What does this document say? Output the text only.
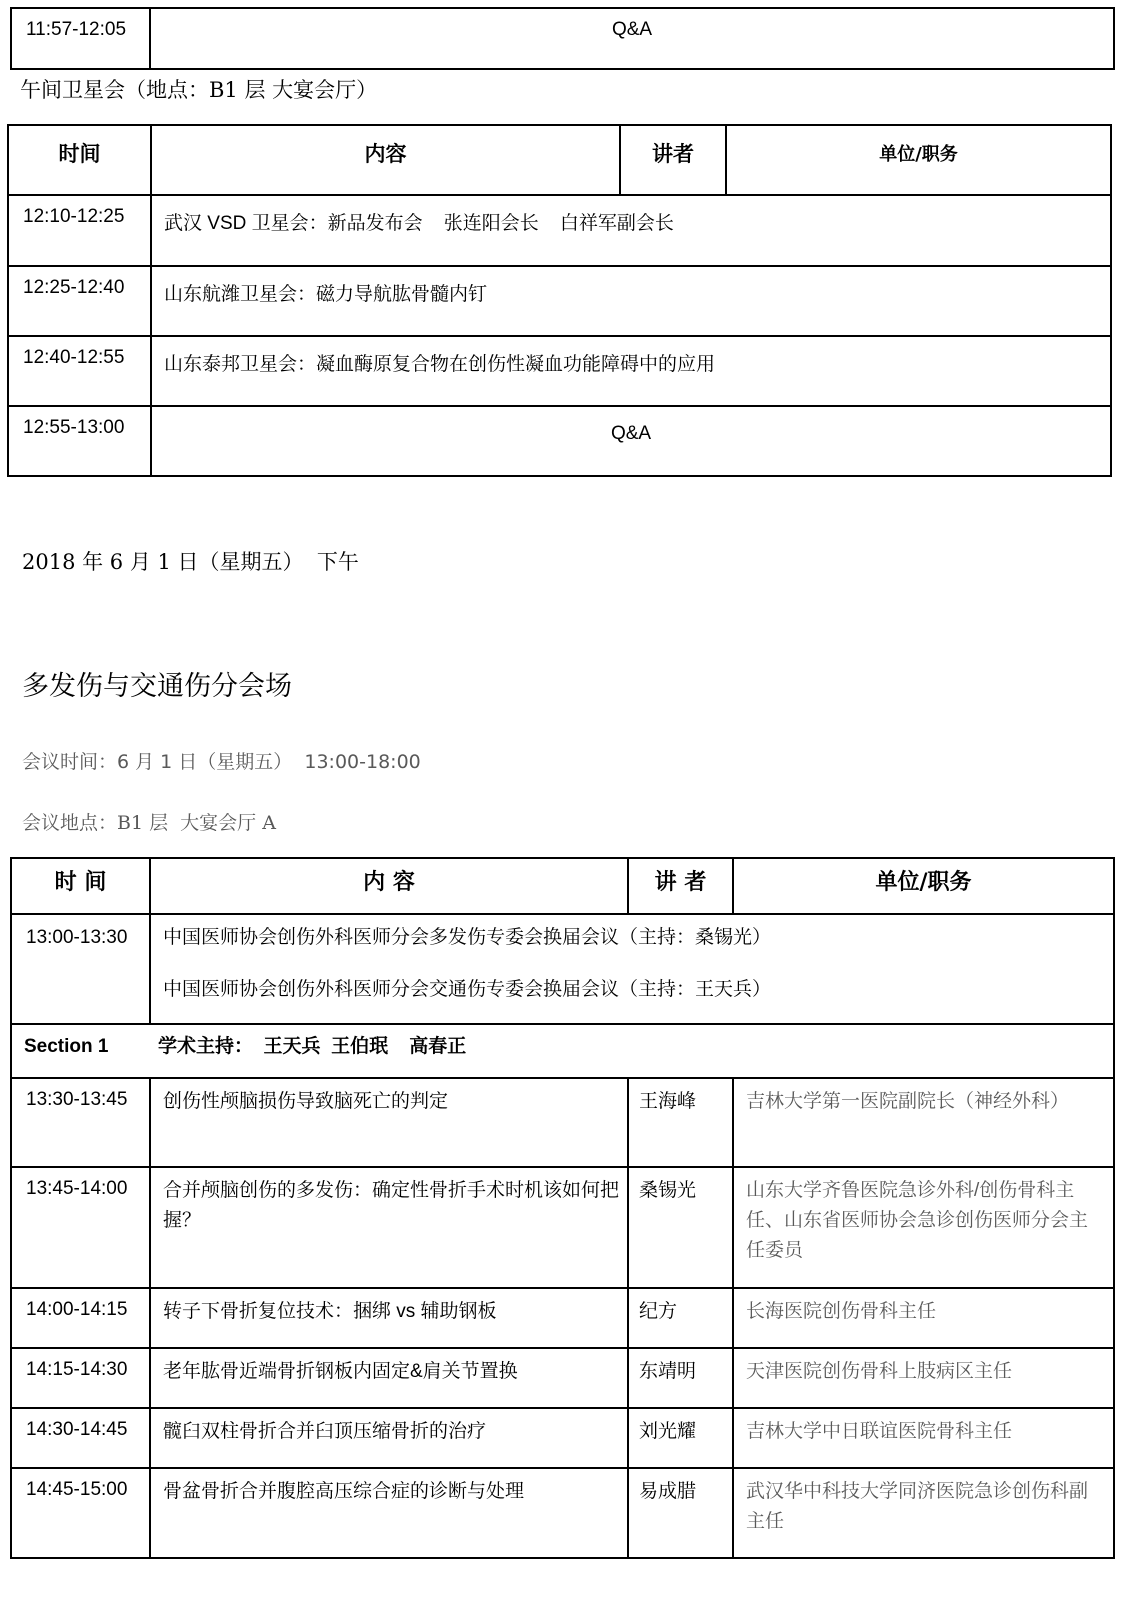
11:57-12:05	Q&A
午间卫星会（地点：B1 层 大宴会厅）
时间	内容	讲者	单位/职务
12:10-12:25	武汉 VSD 卫星会：新品发布会    张连阳会长    白祥军副会长		
12:25-12:40	山东航潍卫星会：磁力导航肱骨髓内钉		
12:40-12:55	山东泰邦卫星会：凝血酶原复合物在创伤性凝血功能障碍中的应用		
12:55-13:00	Q&A		
2018 年 6 月 1 日（星期五）  下午
多发伤与交通伤分会场
会议时间：6 月 1 日（星期五）  13:00-18:00
会议地点：B1 层  大宴会厅 A
时 间	内 容	讲 者	单位/职务
13:00-13:30	中国医师协会创伤外科医师分会多发伤专委会换届会议（主持：桑锡光）
中国医师协会创伤外科医师分会交通伤专委会换届会议（主持：王天兵）		

Section 1 学术主持：  王天兵  王伯珉    高春正			
13:30-13:45	创伤性颅脑损伤导致脑死亡的判定	王海峰	吉林大学第一医院副院长（神经外科）
13:45-14:00	合并颅脑创伤的多发伤：确定性骨折手术时机该如何把握？	桑锡光	山东大学齐鲁医院急诊外科/创伤骨科主任、山东省医师协会急诊创伤医师分会主任委员
14:00-14:15	转子下骨折复位技术：捆绑 vs 辅助钢板	纪方	长海医院创伤骨科主任
14:15-14:30	老年肱骨近端骨折钢板内固定&肩关节置换	东靖明	天津医院创伤骨科上肢病区主任
14:30-14:45	髋臼双柱骨折合并臼顶压缩骨折的治疗	刘光耀	吉林大学中日联谊医院骨科主任
14:45-15:00	骨盆骨折合并腹腔高压综合症的诊断与处理	易成腊	武汉华中科技大学同济医院急诊创伤科副主任
